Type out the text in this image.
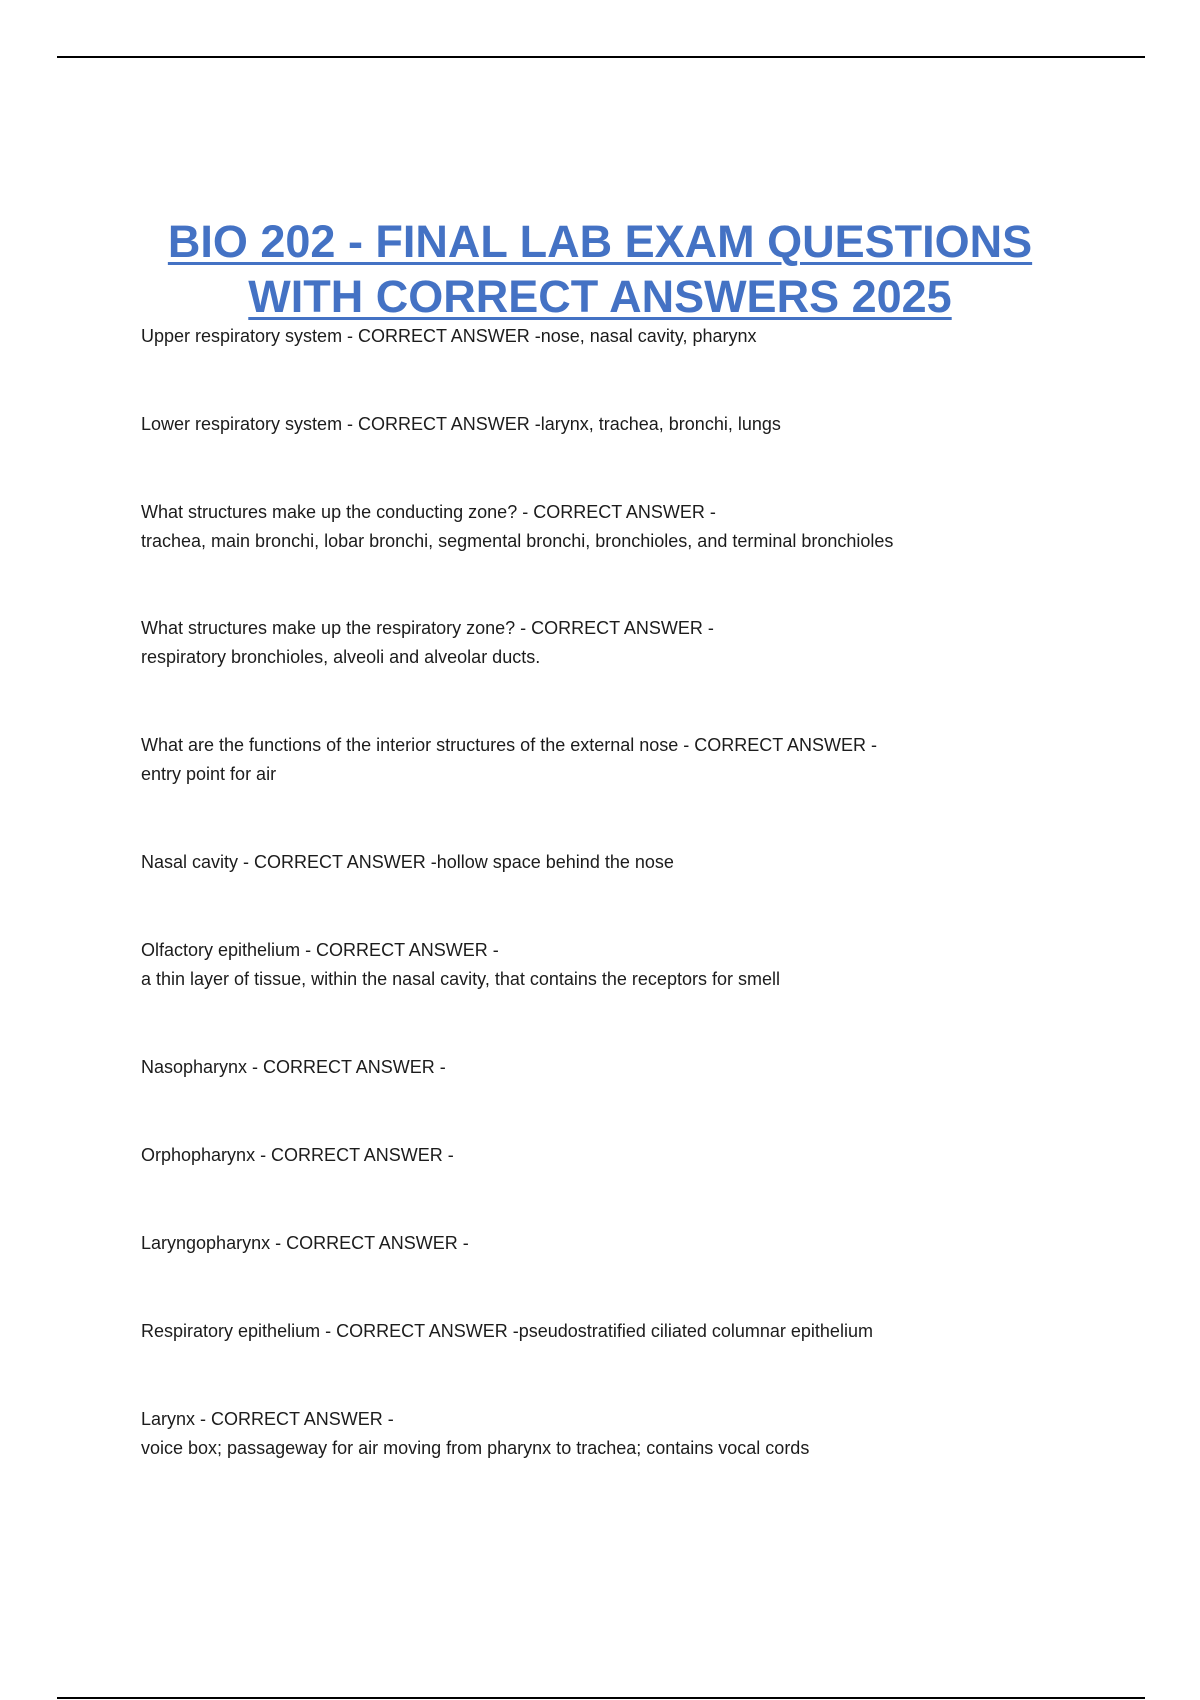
BIO 202 - FINAL LAB EXAM QUESTIONS
WITH CORRECT ANSWERS 2025

Upper respiratory system - CORRECT ANSWER -nose, nasal cavity, pharynx

Lower respiratory system - CORRECT ANSWER -larynx, trachea, bronchi, lungs

What structures make up the conducting zone? - CORRECT ANSWER -
trachea, main bronchi, lobar bronchi, segmental bronchi, bronchioles, and terminal bronchioles

What structures make up the respiratory zone? - CORRECT ANSWER -
respiratory bronchioles, alveoli and alveolar ducts.

What are the functions of the interior structures of the external nose - CORRECT ANSWER -
entry point for air

Nasal cavity - CORRECT ANSWER -hollow space behind the nose

Olfactory epithelium - CORRECT ANSWER -
a thin layer of tissue, within the nasal cavity, that contains the receptors for smell

Nasopharynx - CORRECT ANSWER -

Orphopharynx - CORRECT ANSWER -

Laryngopharynx - CORRECT ANSWER -

Respiratory epithelium - CORRECT ANSWER -pseudostratified ciliated columnar epithelium

Larynx - CORRECT ANSWER -
voice box; passageway for air moving from pharynx to trachea; contains vocal cords
